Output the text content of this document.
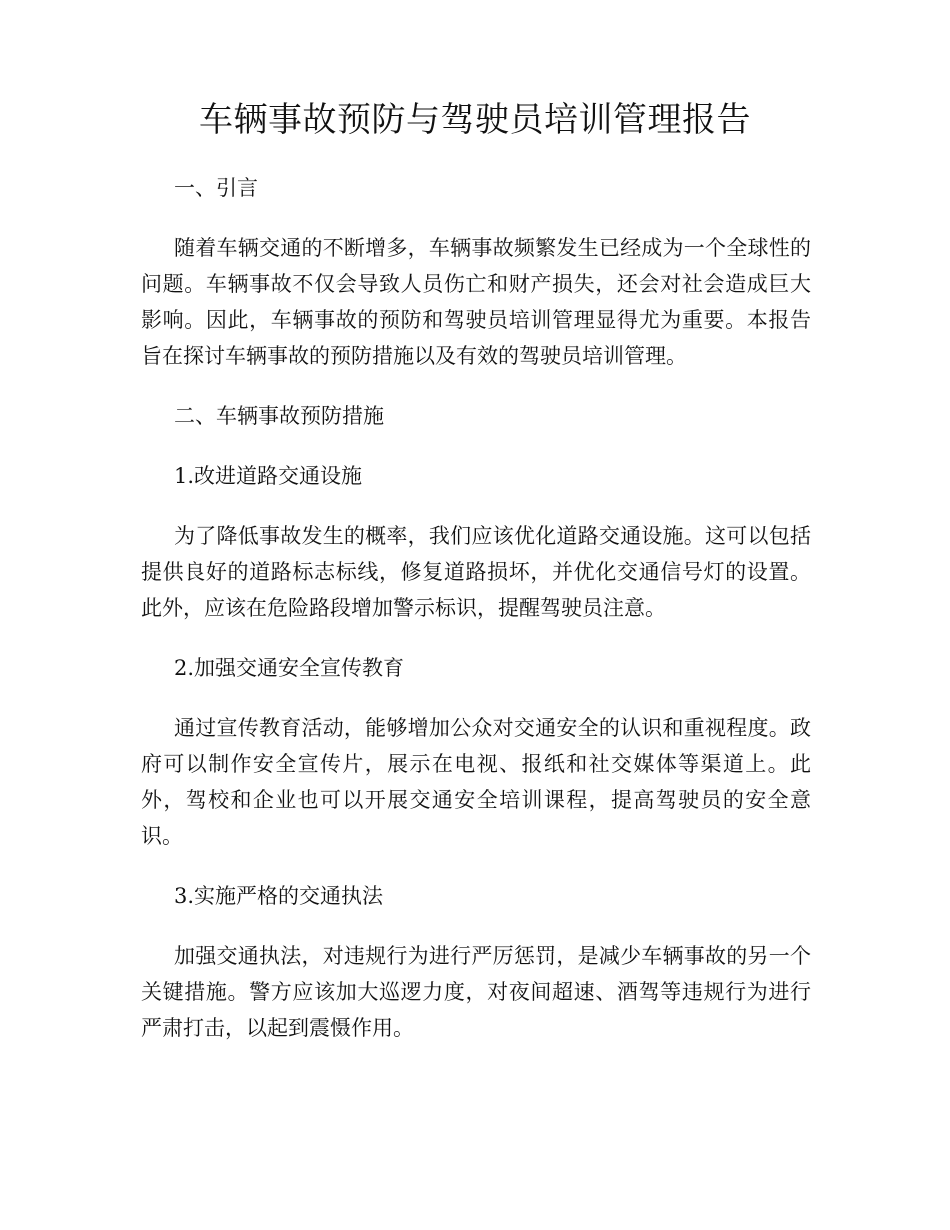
车辆事故预防与驾驶员培训管理报告

一、引言

随着车辆交通的不断增多，车辆事故频繁发生已经成为一个全球性的问题。车辆事故不仅会导致人员伤亡和财产损失，还会对社会造成巨大影响。因此，车辆事故的预防和驾驶员培训管理显得尤为重要。本报告旨在探讨车辆事故的预防措施以及有效的驾驶员培训管理。

二、车辆事故预防措施

1.改进道路交通设施

为了降低事故发生的概率，我们应该优化道路交通设施。这可以包括提供良好的道路标志标线，修复道路损坏，并优化交通信号灯的设置。此外，应该在危险路段增加警示标识，提醒驾驶员注意。

2.加强交通安全宣传教育

通过宣传教育活动，能够增加公众对交通安全的认识和重视程度。政府可以制作安全宣传片，展示在电视、报纸和社交媒体等渠道上。此外，驾校和企业也可以开展交通安全培训课程，提高驾驶员的安全意识。

3.实施严格的交通执法

加强交通执法，对违规行为进行严厉惩罚，是减少车辆事故的另一个关键措施。警方应该加大巡逻力度，对夜间超速、酒驾等违规行为进行严肃打击，以起到震慑作用。
